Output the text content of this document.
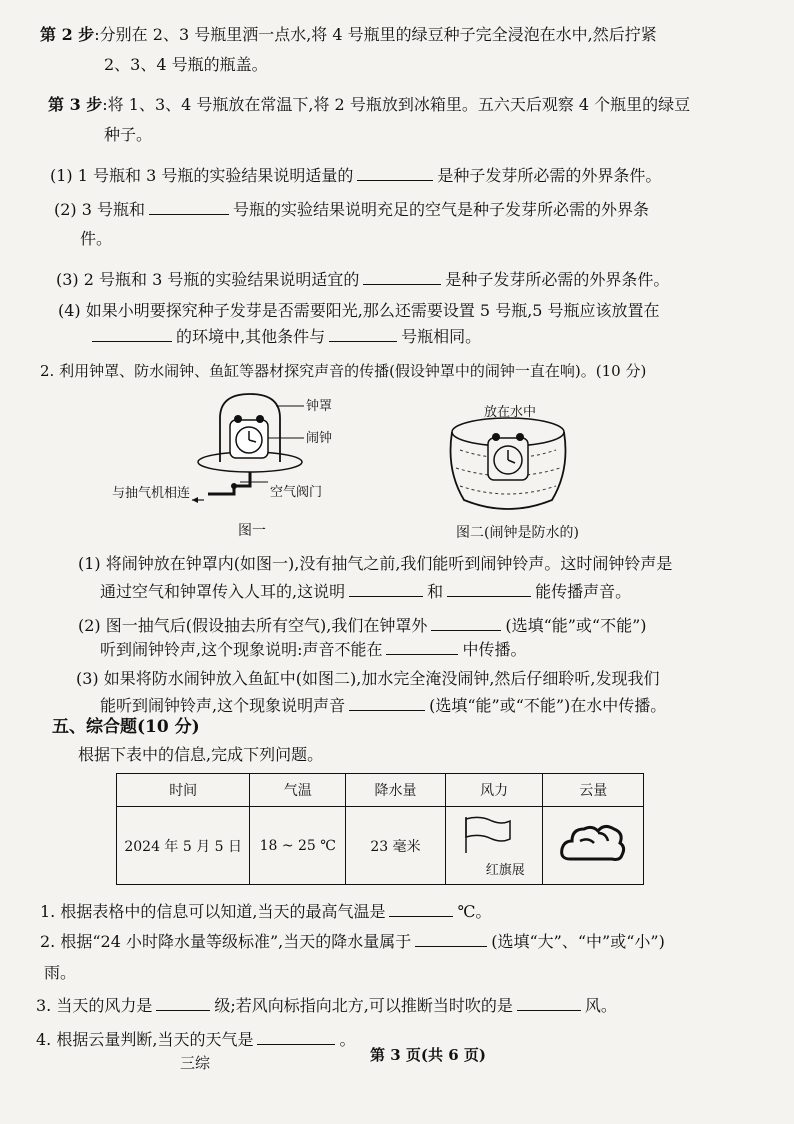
第 2 步:分别在 2、3 号瓶里洒一点水,将 4 号瓶里的绿豆种子完全浸泡在水中,然后拧紧
2、3、4 号瓶的瓶盖。
第 3 步:将 1、3、4 号瓶放在常温下,将 2 号瓶放到冰箱里。五六天后观察 4 个瓶里的绿豆
种子。
(1) 1 号瓶和 3 号瓶的实验结果说明适量的	是种子发芽所必需的外界条件。
(2) 3 号瓶和	号瓶的实验结果说明充足的空气是种子发芽所必需的外界条
件。
(3) 2 号瓶和 3 号瓶的实验结果说明适宜的	是种子发芽所必需的外界条件。
(4) 如果小明要探究种子发芽是否需要阳光,那么还需要设置 5 号瓶,5 号瓶应该放置在
的环境中,其他条件与	号瓶相同。
2. 利用钟罩、防水闹钟、鱼缸等器材探究声音的传播(假设钟罩中的闹钟一直在响)。(10 分)
钟罩
闹钟
与抽气机相连	空气阀门
图一
放在水中
图二(闹钟是防水的)
(1) 将闹钟放在钟罩内(如图一),没有抽气之前,我们能听到闹钟铃声。这时闹钟铃声是
通过空气和钟罩传入人耳的,这说明	和	能传播声音。
(2) 图一抽气后(假设抽去所有空气),我们在钟罩外	(选填“能”或“不能”)
听到闹钟铃声,这个现象说明:声音不能在	中传播。
(3) 如果将防水闹钟放入鱼缸中(如图二),加水完全淹没闹钟,然后仔细聆听,发现我们
能听到闹钟铃声,这个现象说明声音	(选填“能”或“不能”)在水中传播。
五、综合题(10 分)
根据下表中的信息,完成下列问题。
时间	气温	降水量	风力	云量
2024 年 5 月 5 日	18 ~ 25 ℃	23 毫米	红旗展

1. 根据表格中的信息可以知道,当天的最高气温是	℃。
2. 根据“24 小时降水量等级标准”,当天的降水量属于	(选填“大”、“中”或“小”)
雨。
3. 当天的风力是	级;若风向标指向北方,可以推断当时吹的是	风。
4. 根据云量判断,当天的天气是	。
三综	第 3 页(共 6 页)
